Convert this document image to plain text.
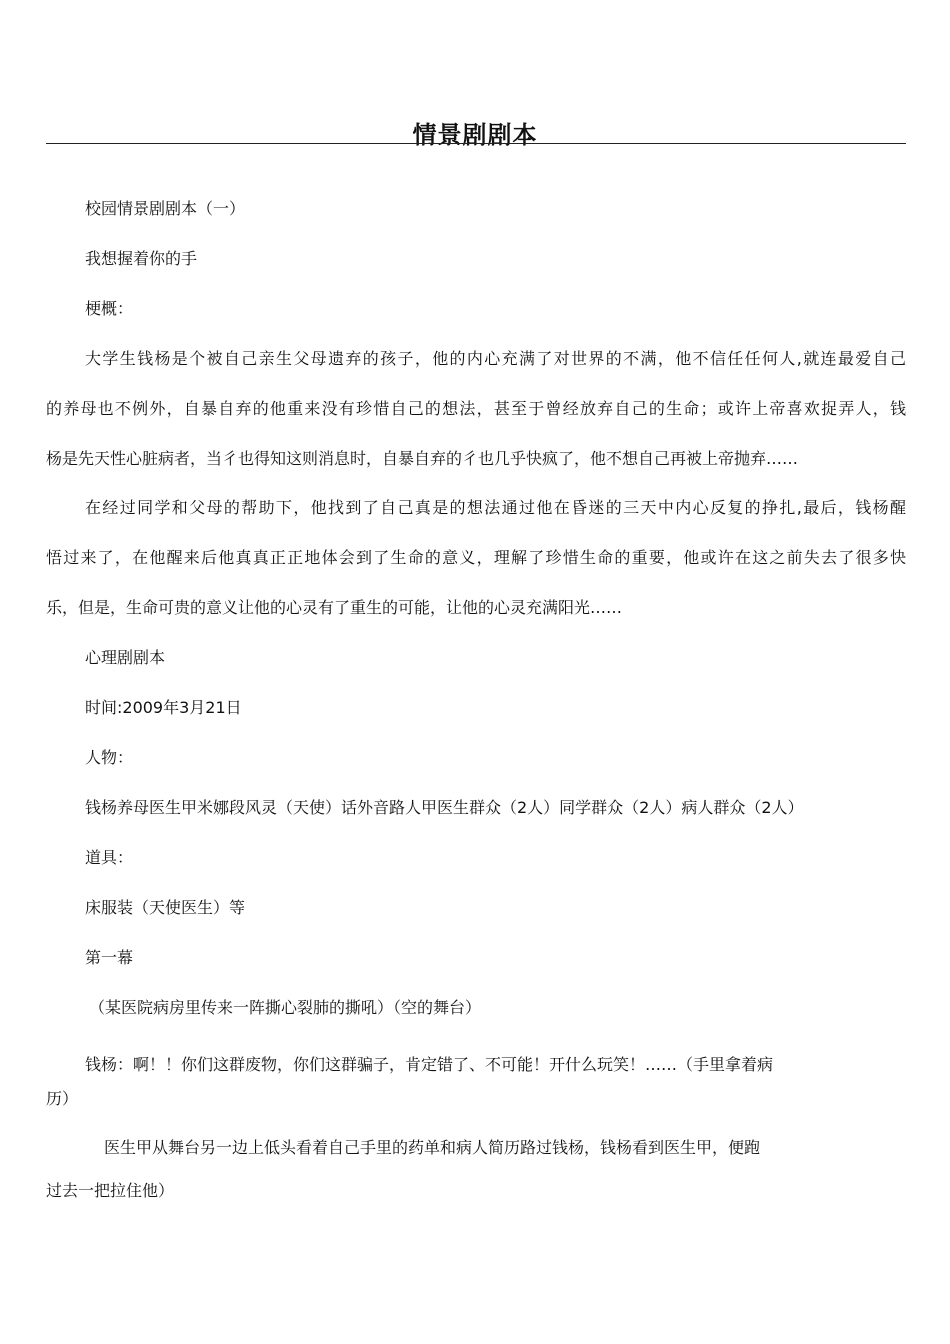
情景剧剧本
校园情景剧剧本（一）
我想握着你的手
梗概：
大学生钱杨是个被自己亲生父母遗弃的孩子，他的内心充满了对世界的不满，他不信任任何人,就连最爱自己
的养母也不例外，自暴自弃的他重来没有珍惜自己的想法，甚至于曾经放弃自己的生命；或许上帝喜欢捉弄人，钱
杨是先天性心脏病者，当彳也得知这则消息时，自暴自弃的彳也几乎快疯了，他不想自己再被上帝抛弃……
在经过同学和父母的帮助下，他找到了自己真是的想法通过他在昏迷的三天中内心反复的挣扎,最后，钱杨醒
悟过来了，在他醒来后他真真正正地体会到了生命的意义，理解了珍惜生命的重要，他或许在这之前失去了很多快
乐，但是，生命可贵的意义让他的心灵有了重生的可能，让他的心灵充满阳光……
心理剧剧本
时间:2009年3月21日
人物：
钱杨养母医生甲米娜段风灵（天使）话外音路人甲医生群众（2人）同学群众（2人）病人群众（2人）
道具：
床服装（天使医生）等
第一幕
（某医院病房里传来一阵撕心裂肺的撕吼）（空的舞台）
钱杨：啊！！你们这群废物，你们这群骗子，肯定错了、不可能！开什么玩笑！……（手里拿着病
历）
医生甲从舞台另一边上低头看着自己手里的药单和病人简历路过钱杨，钱杨看到医生甲，便跑
过去一把拉住他）
